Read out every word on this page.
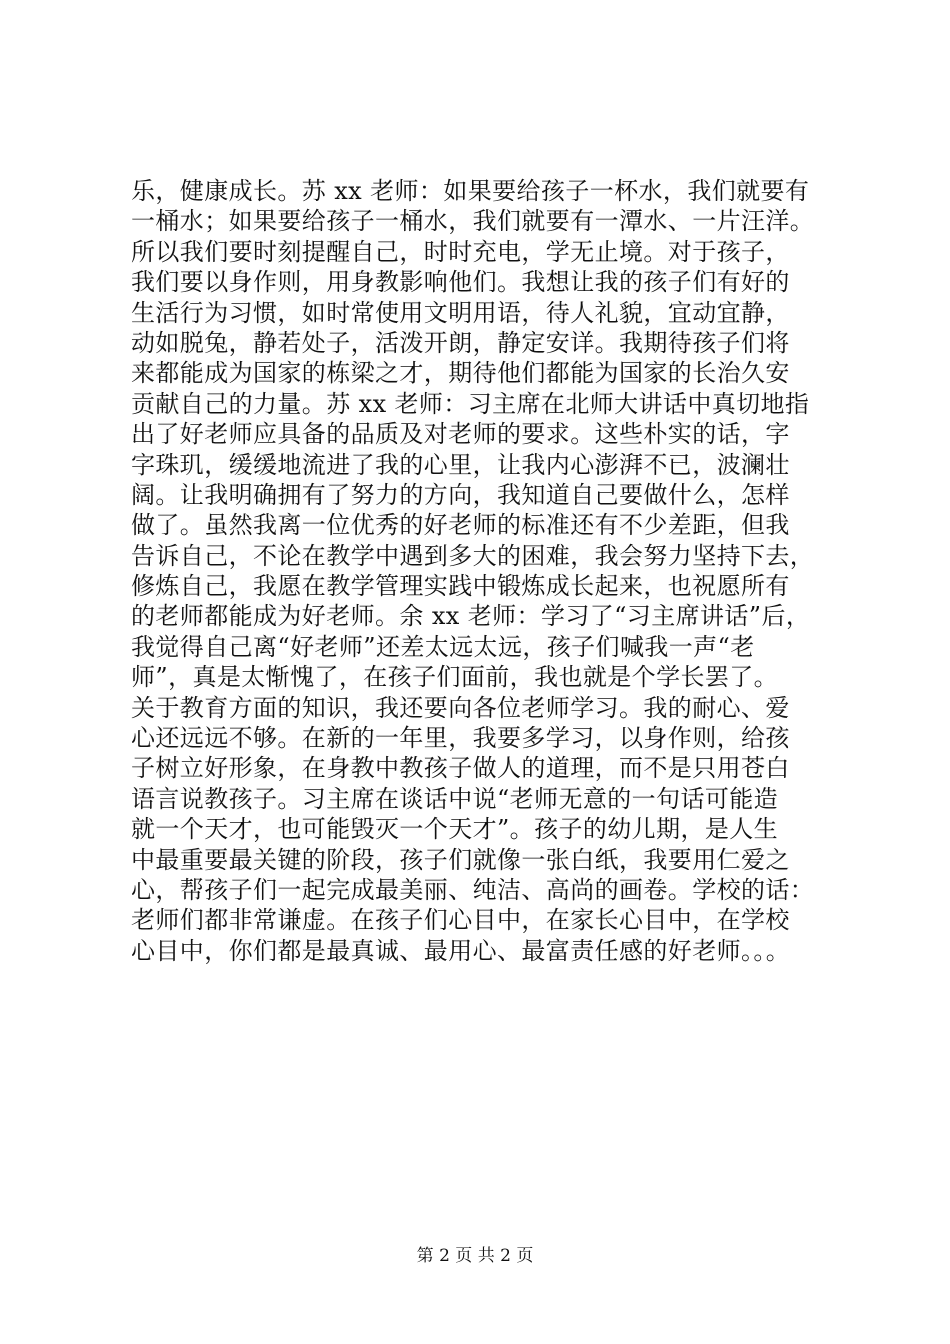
乐，健康成长。苏 xx 老师：如果要给孩子一杯水，我们就要有
一桶水；如果要给孩子一桶水，我们就要有一潭水、一片汪洋。
所以我们要时刻提醒自己，时时充电，学无止境。对于孩子，
我们要以身作则，用身教影响他们。我想让我的孩子们有好的
生活行为习惯，如时常使用文明用语，待人礼貌，宜动宜静，
动如脱兔，静若处子，活泼开朗，静定安详。我期待孩子们将
来都能成为国家的栋梁之才，期待他们都能为国家的长治久安
贡献自己的力量。苏 xx 老师：习主席在北师大讲话中真切地指
出了好老师应具备的品质及对老师的要求。这些朴实的话，字
字珠玑，缓缓地流进了我的心里，让我内心澎湃不已，波澜壮
阔。让我明确拥有了努力的方向，我知道自己要做什么，怎样
做了。虽然我离一位优秀的好老师的标准还有不少差距，但我
告诉自己，不论在教学中遇到多大的困难，我会努力坚持下去，
修炼自己，我愿在教学管理实践中锻炼成长起来，也祝愿所有
的老师都能成为好老师。余 xx 老师：学习了“习主席讲话”后，
我觉得自己离“好老师”还差太远太远，孩子们喊我一声“老
师”，真是太惭愧了，在孩子们面前，我也就是个学长罢了。
关于教育方面的知识，我还要向各位老师学习。我的耐心、爱
心还远远不够。在新的一年里，我要多学习，以身作则，给孩
子树立好形象，在身教中教孩子做人的道理，而不是只用苍白
语言说教孩子。习主席在谈话中说“老师无意的一句话可能造
就一个天才，也可能毁灭一个天才”。孩子的幼儿期，是人生
中最重要最关键的阶段，孩子们就像一张白纸，我要用仁爱之
心，帮孩子们一起完成最美丽、纯洁、高尚的画卷。学校的话：
老师们都非常谦虚。在孩子们心目中，在家长心目中，在学校
心目中，你们都是最真诚、最用心、最富责任感的好老师。。。
第 2 页 共 2 页
